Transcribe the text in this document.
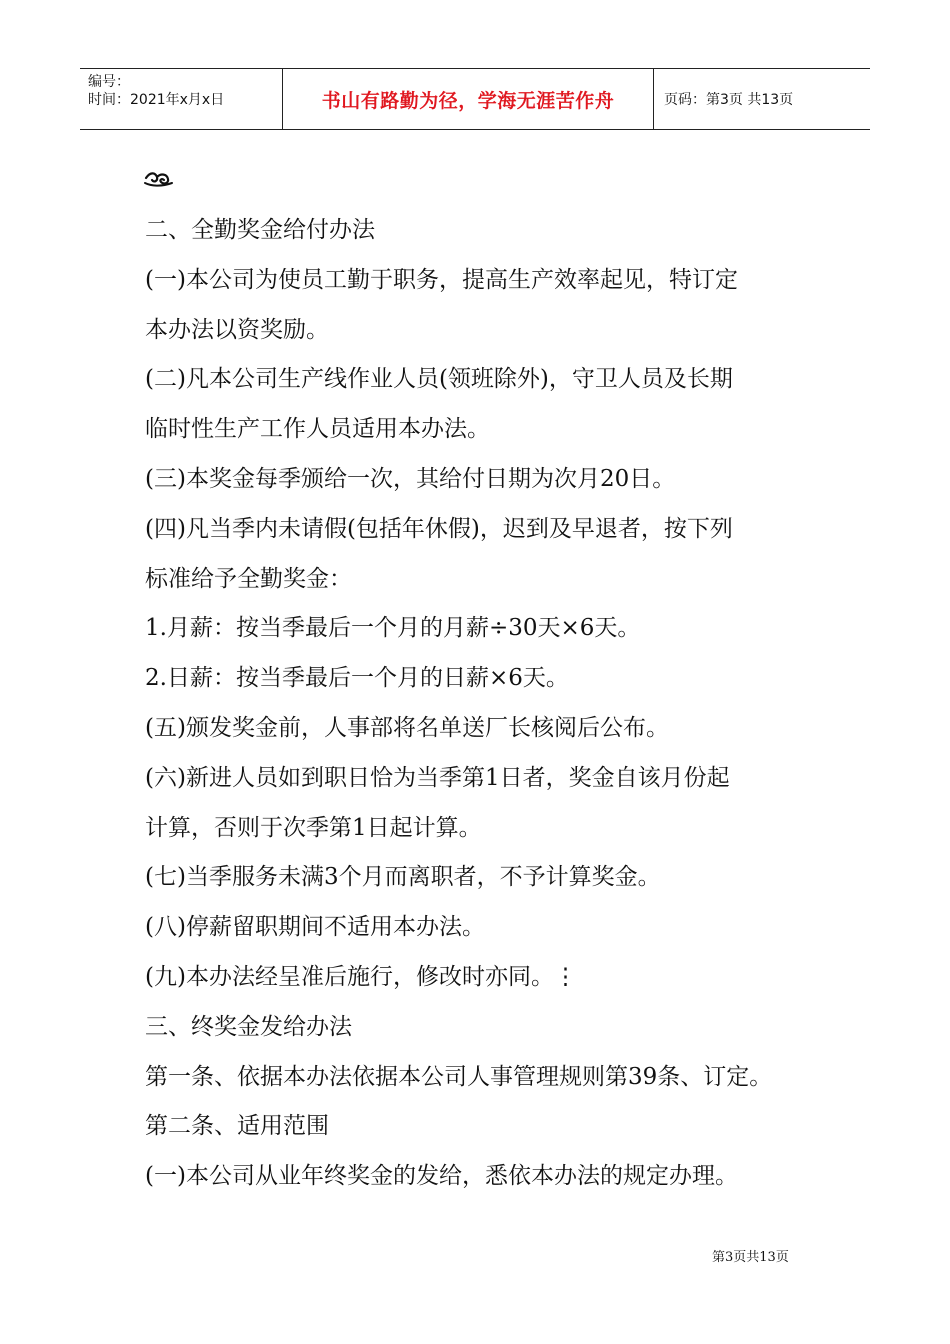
编号：
时间：2021年x月x日	书山有路勤为径，学海无涯苦作舟	页码：第3页 共13页
二、全勤奖金给付办法
(一)本公司为使员工勤于职务，提高生产效率起见，特订定
本办法以资奖励。
(二)凡本公司生产线作业人员(领班除外)，守卫人员及长期
临时性生产工作人员适用本办法。
(三)本奖金每季颁给一次，其给付日期为次月20日。
(四)凡当季内未请假(包括年休假)，迟到及早退者，按下列
标准给予全勤奖金：
1.月薪：按当季最后一个月的月薪÷30天×6天。
2.日薪：按当季最后一个月的日薪×6天。
(五)颁发奖金前，人事部将名单送厂长核阅后公布。
(六)新进人员如到职日恰为当季第1日者，奖金自该月份起
计算，否则于次季第1日起计算。
(七)当季服务未满3个月而离职者，不予计算奖金。
(八)停薪留职期间不适用本办法。
(九)本办法经呈准后施行，修改时亦同。⋮
三、终奖金发给办法
第一条、依据本办法依据本公司人事管理规则第39条、订定。
第二条、适用范围
(一)本公司从业年终奖金的发给，悉依本办法的规定办理。
第3页共13页
